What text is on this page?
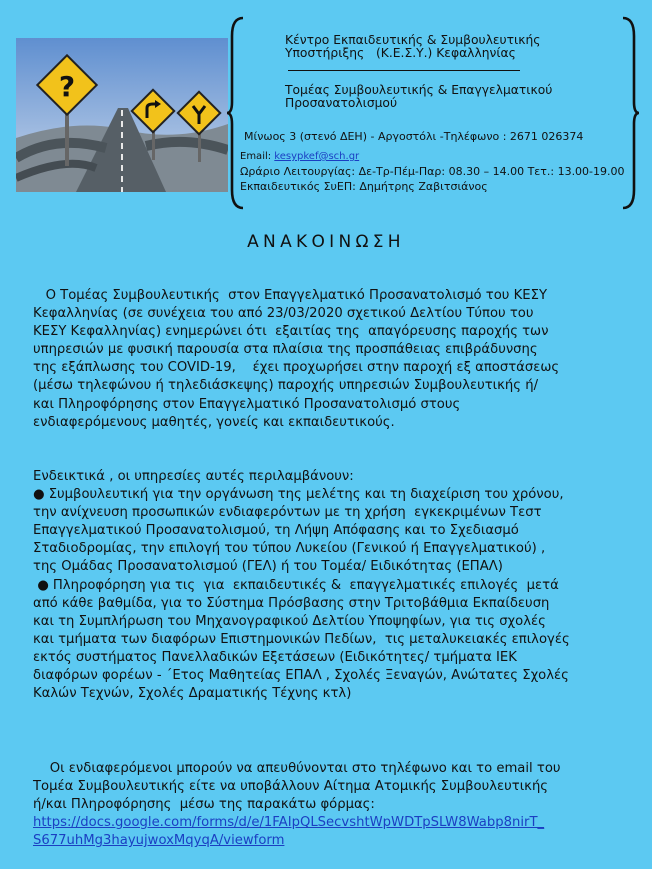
?
Κέντρο Εκπαιδευτικής & Συμβουλευτικής
Υποστήριξης   (Κ.Ε.Σ.Υ.) Κεφαλληνίας
Τομέας Συμβουλευτικής & Επαγγελματικού
Προσανατολισμού
Μίνωος 3 (στενό ΔΕΗ) - Αργοστόλι -Τηλέφωνο : 2671 026374
Email: kesypkef@sch.gr
Ωράριο Λειτουργίας: Δε-Τρ-Πέμ-Παρ: 08.30 – 14.00 Τετ.: 13.00-19.00
Εκπαιδευτικός ΣυΕΠ: Δημήτρης Ζαβιτσιάνος
ΑΝΑΚΟΙΝΩΣΗ
Ο Τομέας Συμβουλευτικής  στον Επαγγελματικό Προσανατολισμό του ΚΕΣΥ
Κεφαλληνίας (σε συνέχεια του από 23/03/2020 σχετικού Δελτίου Τύπου του
ΚΕΣΥ Κεφαλληνίας) ενημερώνει ότι  εξαιτίας της  απαγόρευσης παροχής των
υπηρεσιών με φυσική παρουσία στα πλαίσια της προσπάθειας επιβράδυνσης
της εξάπλωσης του COVID-19,    έχει προχωρήσει στην παροχή εξ αποστάσεως
(μέσω τηλεφώνου ή τηλεδιάσκεψης) παροχής υπηρεσιών Συμβουλευτικής ή/
και Πληροφόρησης στον Επαγγελματικό Προσανατολισμό στους
ενδιαφερόμενους μαθητές, γονείς και εκπαιδευτικούς.
Ενδεικτικά , οι υπηρεσίες αυτές περιλαμβάνουν:
● Συμβουλευτική για την οργάνωση της μελέτης και τη διαχείριση του χρόνου,
την ανίχνευση προσωπικών ενδιαφερόντων με τη χρήση  εγκεκριμένων Τεστ
Επαγγελματικού Προσανατολισμού, τη Λήψη Απόφασης και το Σχεδιασμό
Σταδιοδρομίας, την επιλογή του τύπου Λυκείου (Γενικού ή Επαγγελματικού) ,
της Ομάδας Προσανατολισμού (ΓΕΛ) ή του Τομέα/ Ειδικότητας (ΕΠΑΛ)
● Πληροφόρηση για τις  για  εκπαιδευτικές &  επαγγελματικές επιλογές  μετά
από κάθε βαθμίδα, για το Σύστημα Πρόσβασης στην Τριτοβάθμια Εκπαίδευση
και τη Συμπλήρωση του Μηχανογραφικού Δελτίου Υποψηφίων, για τις σχολές
και τμήματα των διαφόρων Επιστημονικών Πεδίων,  τις μεταλυκειακές επιλογές
εκτός συστήματος Πανελλαδικών Εξετάσεων (Ειδικότητες/ τμήματα ΙΕΚ
διαφόρων φορέων - ΄Ετος Μαθητείας ΕΠΑΛ , Σχολές Ξεναγών, Ανώτατες Σχολές
Καλών Τεχνών, Σχολές Δραματικής Τέχνης κτλ)
Οι ενδιαφερόμενοι μπορούν να απευθύνονται στο τηλέφωνο και το email του
Τομέα Συμβουλευτικής είτε να υποβάλλουν Αίτημα Ατομικής Συμβουλευτικής
ή/και Πληροφόρησης  μέσω της παρακάτω φόρμας:
https://docs.google.com/forms/d/e/1FAIpQLSecvshtWpWDTpSLW8Wabp8nirT_
S677uhMg3hayujwoxMqyqA/viewform
